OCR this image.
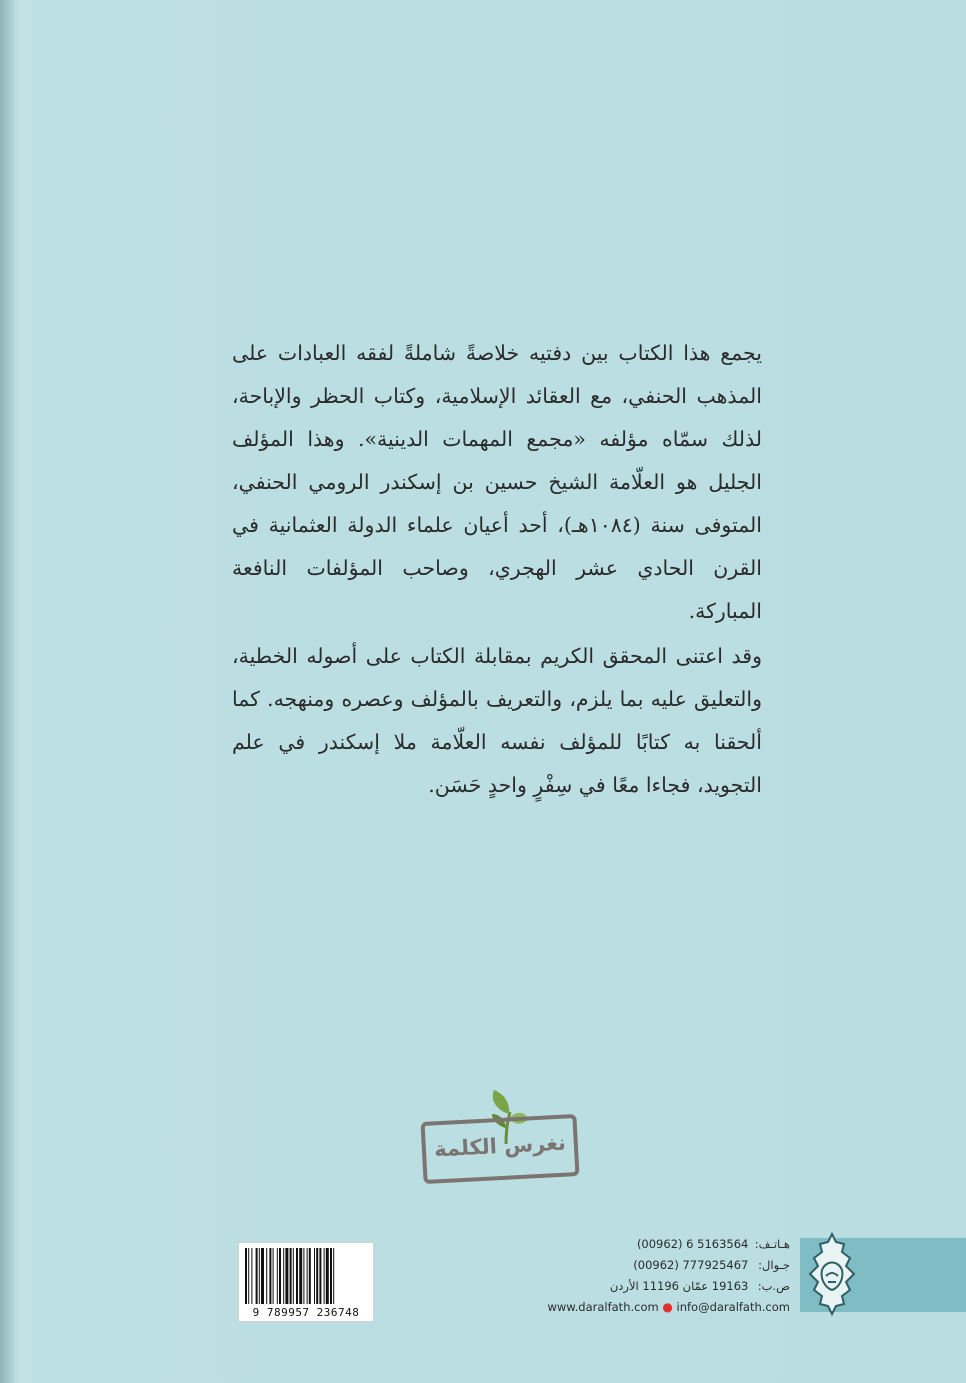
يجمع هذا الكتاب بين دفتيه خلاصةً شاملةً لفقه العبادات على المذهب الحنفي، مع العقائد الإسلامية، وكتاب الحظر والإباحة، لذلك سمّاه مؤلفه «مجمع المهمات الدينية». وهذا المؤلف الجليل هو العلّامة الشيخ حسين بن إسكندر الرومي الحنفي، المتوفى سنة (١٠٨٤هـ)، أحد أعيان علماء الدولة العثمانية في القرن الحادي عشر الهجري، وصاحب المؤلفات النافعة المباركة.

وقد اعتنى المحقق الكريم بمقابلة الكتاب على أصوله الخطية، والتعليق عليه بما يلزم، والتعريف بالمؤلف وعصره ومنهجه. كما ألحقنا به كتابًا للمؤلف نفسه العلّامة ملا إسكندر في علم التجويد، فجاءا معًا في سِفْرٍ واحدٍ حَسَن.

نغرس الكلمة
9 789957 236748
هـاتـف: (00962) 6 5163564
جـوال: (00962) 777925467
ص.ب: 19163 عمّان 11196 الأردن
www.daralfath.com ● info@daralfath.com
